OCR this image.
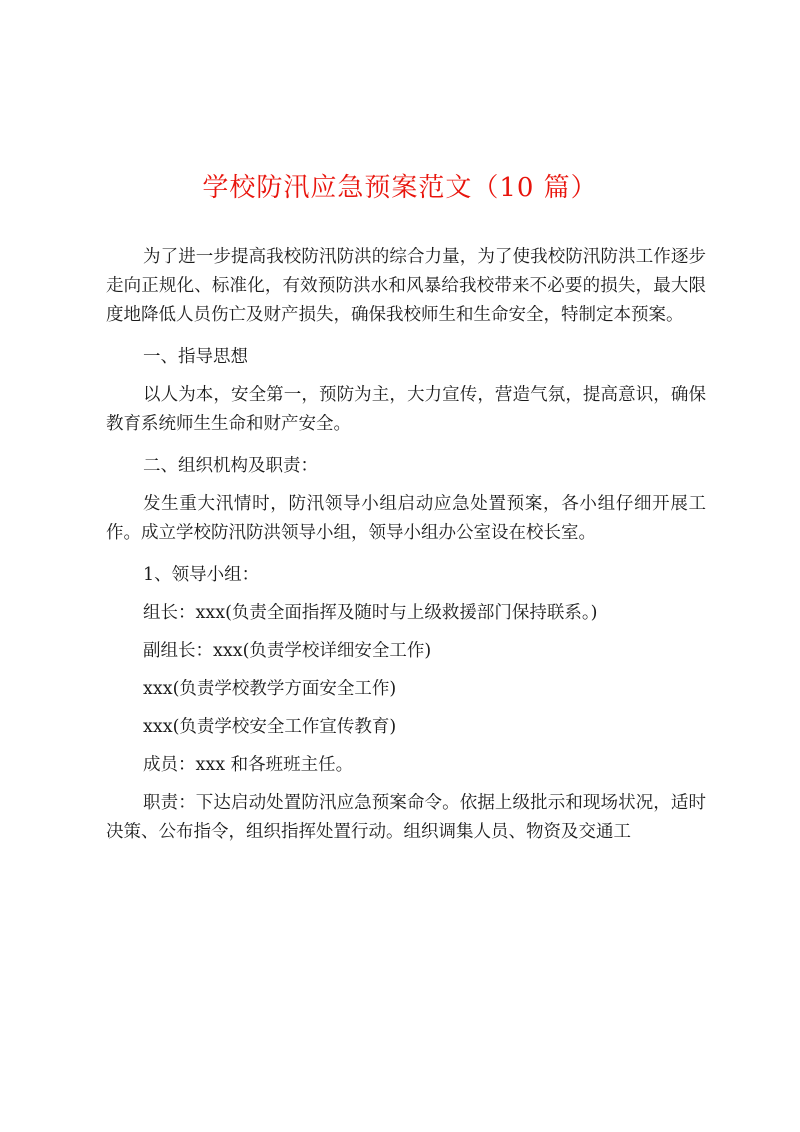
学校防汛应急预案范文（10 篇）

为了进一步提高我校防汛防洪的综合力量，为了使我校防汛防洪工作逐步走向正规化、标准化，有效预防洪水和风暴给我校带来不必要的损失，最大限度地降低人员伤亡及财产损失，确保我校师生和生命安全，特制定本预案。

一、指导思想

以人为本，安全第一，预防为主，大力宣传，营造气氛，提高意识，确保教育系统师生生命和财产安全。

二、组织机构及职责：

发生重大汛情时，防汛领导小组启动应急处置预案，各小组仔细开展工作。成立学校防汛防洪领导小组，领导小组办公室设在校长室。

1、领导小组：

组长：xxx(负责全面指挥及随时与上级救援部门保持联系。)

副组长：xxx(负责学校详细安全工作)

xxx(负责学校教学方面安全工作)

xxx(负责学校安全工作宣传教育)

成员：xxx 和各班班主任。

职责：下达启动处置防汛应急预案命令。依据上级批示和现场状况，适时决策、公布指令，组织指挥处置行动。组织调集人员、物资及交通工
